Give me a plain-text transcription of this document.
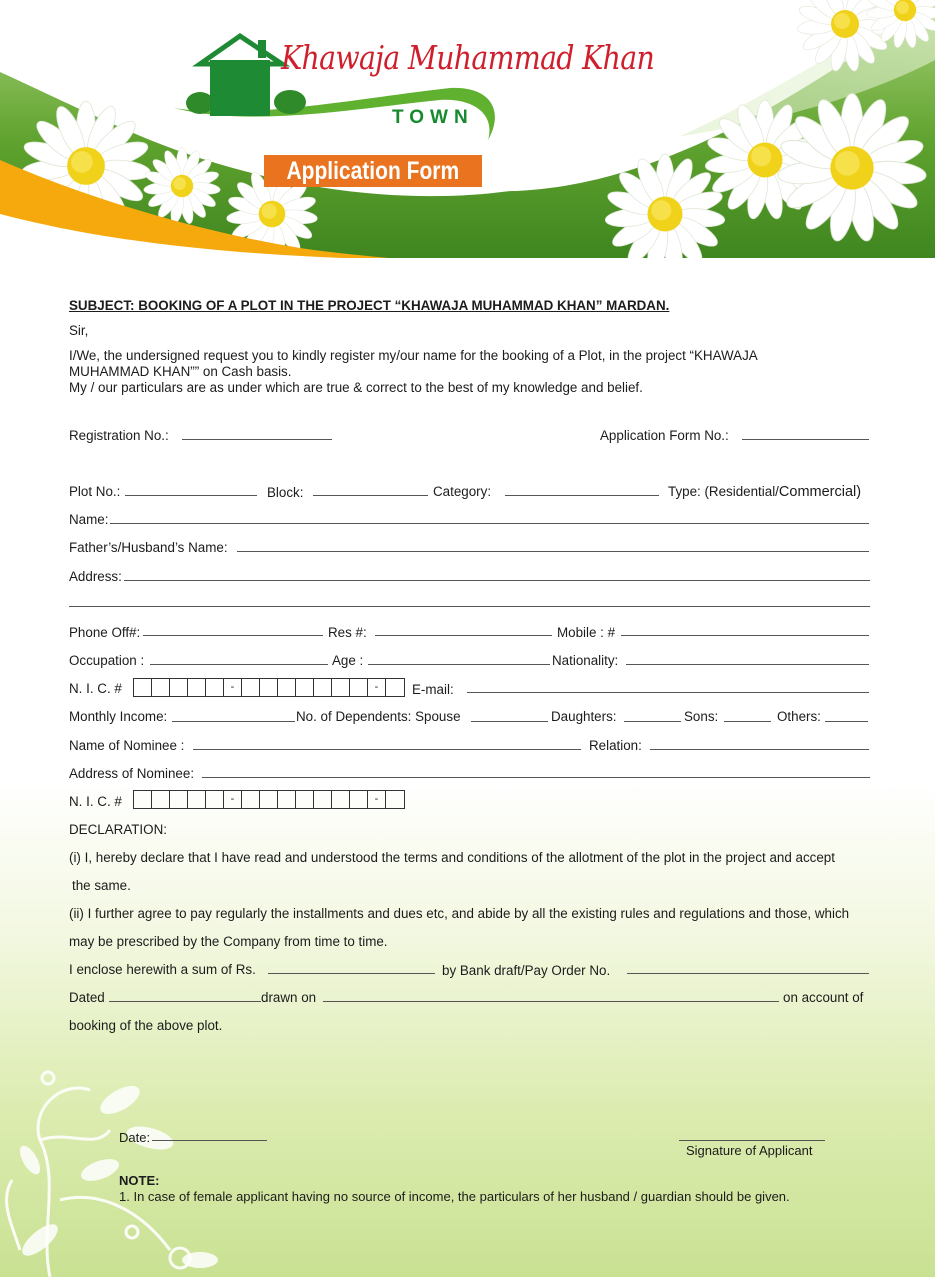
Khawaja Muhammad Khan
TOWN
Application Form
SUBJECT: BOOKING OF A PLOT IN THE PROJECT “KHAWAJA MUHAMMAD KHAN” MARDAN.
Sir,
I/We, the undersigned request you to kindly register my/our name for the booking of a Plot, in the project “KHAWAJA
MUHAMMAD KHAN”” on Cash basis.
My / our particulars are as under which are true & correct to the best of my knowledge and belief.
Registration No.:	Application Form No.:
Plot No.:	Block:	Category:	Type: (Residential/Commercial)
Name:
Father’s/Husband’s Name:
Address:
Phone Off#:	Res #:	Mobile : #
Occupation :	Age :	Nationality:
N. I. C. #	-	-	E-mail:
Monthly Income:	No. of Dependents: Spouse	Daughters:	Sons:	Others:
Name of Nominee :	Relation:
Address of Nominee:
N. I. C. #	-	-
DECLARATION:
(i) I, hereby declare that I have read and understood the terms and conditions of the allotment of the plot in the project and accept
the same.
(ii) I further agree to pay regularly the installments and dues etc, and abide by all the existing rules and regulations and those, which
may be prescribed by the Company from time to time.
I enclose herewith a sum of Rs.	by Bank draft/Pay Order No.
Dated	drawn on	on account of
booking of the above plot.
Date:
Signature of Applicant
NOTE:
1. In case of female applicant having no source of income, the particulars of her husband / guardian should be given.
